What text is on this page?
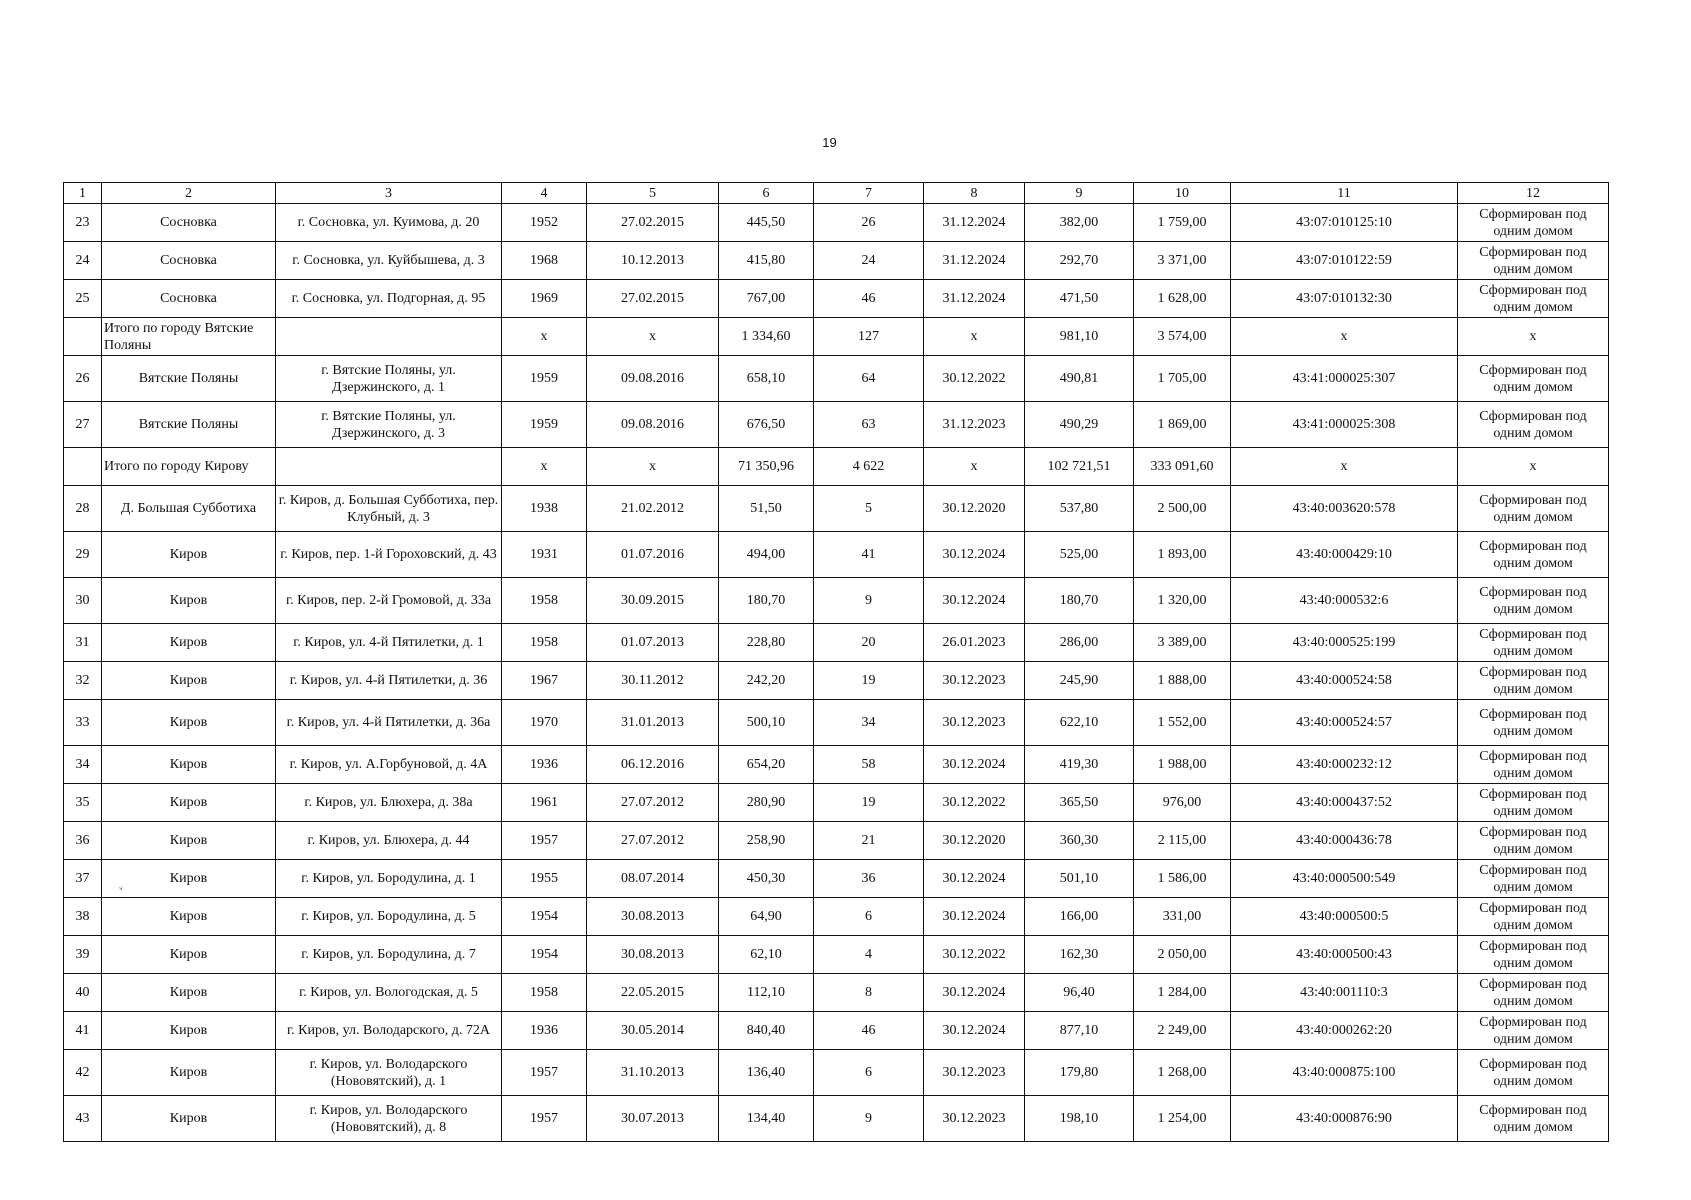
19
1	2	3	4	5	6	7	8	9	10	11	12
23	Сосновка	г. Сосновка, ул. Куимова, д. 20	1952	27.02.2015	445,50	26	31.12.2024	382,00	1 759,00	43:07:010125:10	Сформирован под одним домом
24	Сосновка	г. Сосновка, ул. Куйбышева, д. 3	1968	10.12.2013	415,80	24	31.12.2024	292,70	3 371,00	43:07:010122:59	Сформирован под одним домом
25	Сосновка	г. Сосновка, ул. Подгорная, д. 95	1969	27.02.2015	767,00	46	31.12.2024	471,50	1 628,00	43:07:010132:30	Сформирован под одним домом
	Итого по городу Вятские Поляны		x	x	1 334,60	127	x	981,10	3 574,00	x	x
26	Вятские Поляны	г. Вятские Поляны, ул. Дзержинского, д. 1	1959	09.08.2016	658,10	64	30.12.2022	490,81	1 705,00	43:41:000025:307	Сформирован под одним домом
27	Вятские Поляны	г. Вятские Поляны, ул. Дзержинского, д. 3	1959	09.08.2016	676,50	63	31.12.2023	490,29	1 869,00	43:41:000025:308	Сформирован под одним домом
	Итого по городу Кирову		x	x	71 350,96	4 622	x	102 721,51	333 091,60	x	x
28	Д. Большая Субботиха	г. Киров, д. Большая Субботиха, пер. Клубный, д. 3	1938	21.02.2012	51,50	5	30.12.2020	537,80	2 500,00	43:40:003620:578	Сформирован под одним домом
29	Киров	г. Киров, пер. 1-й Гороховский, д. 43	1931	01.07.2016	494,00	41	30.12.2024	525,00	1 893,00	43:40:000429:10	Сформирован под одним домом
30	Киров	г. Киров, пер. 2-й Громовой, д. 33а	1958	30.09.2015	180,70	9	30.12.2024	180,70	1 320,00	43:40:000532:6	Сформирован под одним домом
31	Киров	г. Киров, ул. 4-й Пятилетки, д. 1	1958	01.07.2013	228,80	20	26.01.2023	286,00	3 389,00	43:40:000525:199	Сформирован под одним домом
32	Киров	г. Киров, ул. 4-й Пятилетки, д. 36	1967	30.11.2012	242,20	19	30.12.2023	245,90	1 888,00	43:40:000524:58	Сформирован под одним домом
33	Киров	г. Киров, ул. 4-й Пятилетки, д. 36а	1970	31.01.2013	500,10	34	30.12.2023	622,10	1 552,00	43:40:000524:57	Сформирован под одним домом
34	Киров	г. Киров, ул. А.Горбуновой, д. 4А	1936	06.12.2016	654,20	58	30.12.2024	419,30	1 988,00	43:40:000232:12	Сформирован под одним домом
35	Киров	г. Киров, ул. Блюхера, д. 38а	1961	27.07.2012	280,90	19	30.12.2022	365,50	976,00	43:40:000437:52	Сформирован под одним домом
36	Киров	г. Киров, ул. Блюхера, д. 44	1957	27.07.2012	258,90	21	30.12.2020	360,30	2 115,00	43:40:000436:78	Сформирован под одним домом
37	Киров	г. Киров, ул. Бородулина, д. 1	1955	08.07.2014	450,30	36	30.12.2024	501,10	1 586,00	43:40:000500:549	Сформирован под одним домом
38	Киров	г. Киров, ул. Бородулина, д. 5	1954	30.08.2013	64,90	6	30.12.2024	166,00	331,00	43:40:000500:5	Сформирован под одним домом
39	Киров	г. Киров, ул. Бородулина, д. 7	1954	30.08.2013	62,10	4	30.12.2022	162,30	2 050,00	43:40:000500:43	Сформирован под одним домом
40	Киров	г. Киров, ул. Вологодская, д. 5	1958	22.05.2015	112,10	8	30.12.2024	96,40	1 284,00	43:40:001110:3	Сформирован под одним домом
41	Киров	г. Киров, ул. Володарского, д. 72А	1936	30.05.2014	840,40	46	30.12.2024	877,10	2 249,00	43:40:000262:20	Сформирован под одним домом
42	Киров	г. Киров, ул. Володарского (Нововятский), д. 1	1957	31.10.2013	136,40	6	30.12.2023	179,80	1 268,00	43:40:000875:100	Сформирован под одним домом
43	Киров	г. Киров, ул. Володарского (Нововятский), д. 8	1957	30.07.2013	134,40	9	30.12.2023	198,10	1 254,00	43:40:000876:90	Сформирован под одним домом
ᵛ
